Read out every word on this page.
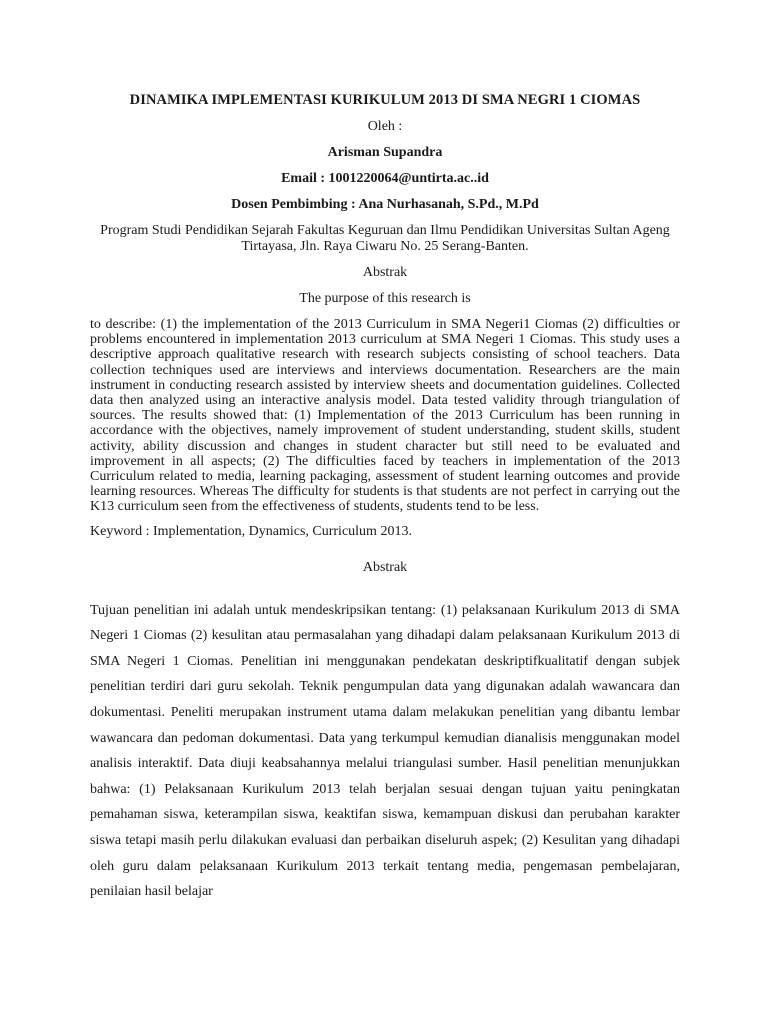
DINAMIKA IMPLEMENTASI KURIKULUM 2013 DI SMA NEGRI 1 CIOMAS

Oleh :

Arisman Supandra

Email : 1001220064@untirta.ac..id

Dosen Pembimbing : Ana Nurhasanah, S.Pd., M.Pd

Program Studi Pendidikan Sejarah Fakultas Keguruan dan Ilmu Pendidikan Universitas Sultan Ageng Tirtayasa, Jln. Raya Ciwaru No. 25 Serang-Banten.

Abstrak

The purpose of this research is

to describe: (1) the implementation of the 2013 Curriculum in SMA Negeri1 Ciomas (2) difficulties or problems encountered in implementation 2013 curriculum at SMA Negeri 1 Ciomas. This study uses a descriptive approach qualitative research with research subjects consisting of school teachers. Data collection techniques used are interviews and interviews documentation. Researchers are the main instrument in conducting research assisted by interview sheets and documentation guidelines. Collected data then analyzed using an interactive analysis model. Data tested validity through triangulation of sources. The results showed that: (1) Implementation of the 2013 Curriculum has been running in accordance with the objectives, namely improvement of student understanding, student skills, student activity, ability discussion and changes in student character but still need to be evaluated and improvement in all aspects; (2) The difficulties faced by teachers in implementation of the 2013 Curriculum related to media, learning packaging, assessment of student learning outcomes and provide learning resources. Whereas The difficulty for students is that students are not perfect in carrying out the K13 curriculum seen from the effectiveness of students, students tend to be less.

Keyword : Implementation, Dynamics, Curriculum 2013.

Abstrak

Tujuan penelitian ini adalah untuk mendeskripsikan tentang: (1) pelaksanaan Kurikulum 2013 di SMA Negeri 1 Ciomas (2) kesulitan atau permasalahan yang dihadapi dalam pelaksanaan Kurikulum 2013 di SMA Negeri 1 Ciomas. Penelitian ini menggunakan pendekatan deskriptifkualitatif dengan subjek penelitian terdiri dari guru sekolah. Teknik pengumpulan data yang digunakan adalah wawancara dan dokumentasi. Peneliti merupakan instrument utama dalam melakukan penelitian yang dibantu lembar wawancara dan pedoman dokumentasi. Data yang terkumpul kemudian dianalisis menggunakan model analisis interaktif. Data diuji keabsahannya melalui triangulasi sumber. Hasil penelitian menunjukkan bahwa: (1) Pelaksanaan Kurikulum 2013 telah berjalan sesuai dengan tujuan yaitu peningkatan pemahaman siswa, keterampilan siswa, keaktifan siswa, kemampuan diskusi dan perubahan karakter siswa tetapi masih perlu dilakukan evaluasi dan perbaikan diseluruh aspek; (2) Kesulitan yang dihadapi oleh guru dalam pelaksanaan Kurikulum 2013 terkait tentang media, pengemasan pembelajaran, penilaian hasil belajar
